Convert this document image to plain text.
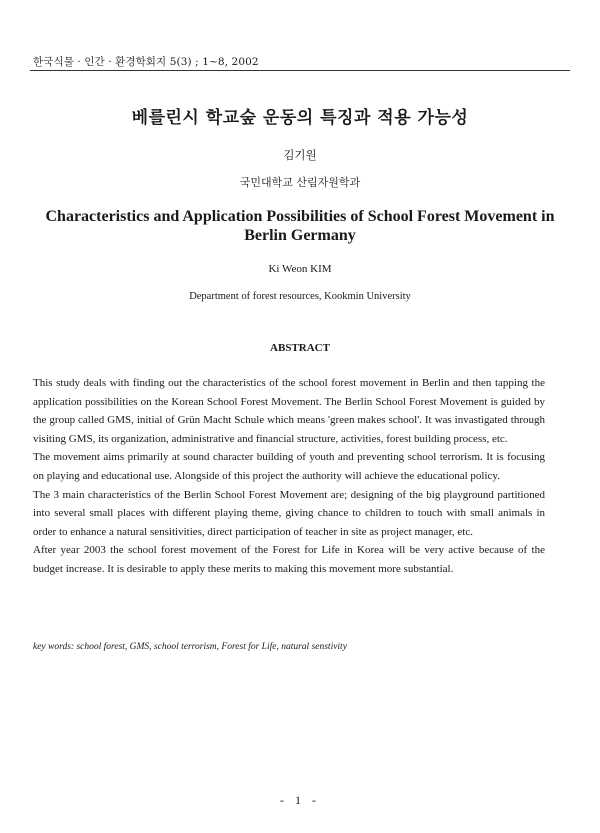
한국식물 · 인간 · 환경학회지 5(3) ; 1~8, 2002
베를린시 학교숲 운동의 특징과 적용 가능성
김기원
국민대학교 산림자원학과
Characteristics and Application Possibilities of School Forest Movement in Berlin Germany
Ki Weon KIM
Department of forest resources, Kookmin University
ABSTRACT

This study deals with finding out the characteristics of the school forest movement in Berlin and then tapping the application possibilities on the Korean School Forest Movement. The Berlin School Forest Movement is guided by the group called GMS, initial of Grün Macht Schule which means 'green makes school'. It was invastigated through visiting GMS, its organization, administrative and financial structure, activities, forest building process, etc.

The movement aims primarily at sound character building of youth and preventing school terrorism. It is focusing on playing and educational use. Alongside of this project the authority will achieve the educational policy.

The 3 main characteristics of the Berlin School Forest Movement are; designing of the big playground partitioned into several small places with different playing theme, giving chance to children to touch with small animals in order to enhance a natural sensitivities, direct participation of teacher in site as project manager, etc.

After year 2003 the school forest movement of the Forest for Life in Korea will be very active because of the budget increase. It is desirable to apply these merits to making this movement more substantial.

key words: school forest, GMS, school terrorism, Forest for Life, natural senstivity
- 1 -
